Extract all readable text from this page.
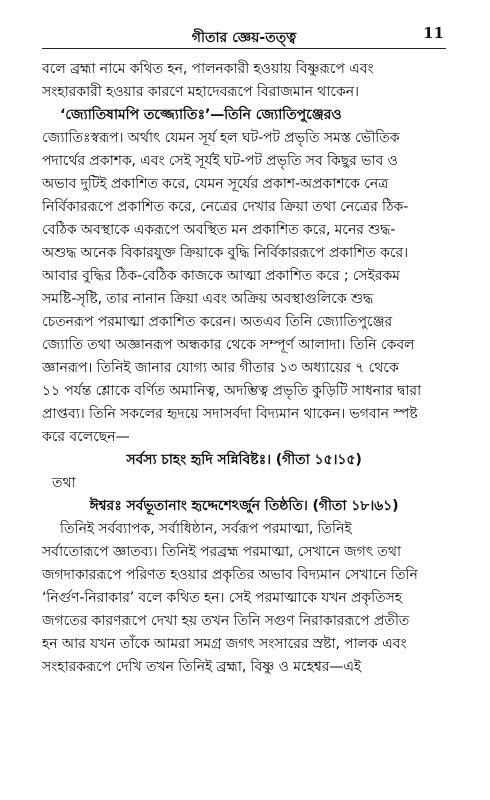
গীতার জ্ঞেয়-তত্ত্ব	11
বলে ব্রহ্মা নামে কথিত হন, পালনকারী হওয়ায় বিষ্ণুরূপে এবং
সংহারকারী হওয়ার কারণে মহাদেবরূপে বিরাজমান থাকেন।
‘জ্যোতিষামপি তজ্জ্যোতিঃ’—তিনি জ্যোতিপুঞ্জেরও
জ্যোতিঃস্বরূপ। অর্থাৎ যেমন সূর্য হল ঘট-পট প্রভৃতি সমস্ত ভৌতিক
পদার্থের প্রকাশক, এবং সেই সূর্যই ঘট-পট প্রভৃতি সব কিছুর ভাব ও
অভাব দুটিই প্রকাশিত করে, যেমন সূর্যের প্রকাশ-অপ্রকাশকে নেত্র
নির্বিকাররূপে প্রকাশিত করে, নেত্রের দেখার ক্রিয়া তথা নেত্রের ঠিক-
বেঠিক অবস্থাকে একরূপে অবস্থিত মন প্রকাশিত করে, মনের শুদ্ধ-
অশুদ্ধ অনেক বিকারযুক্ত ক্রিয়াকে বুদ্ধি নির্বিকাররূপে প্রকাশিত করে।
আবার বুদ্ধির ঠিক-বেঠিক কাজকে আত্মা প্রকাশিত করে ; সেইরকম
সমষ্টি-সৃষ্টি, তার নানান ক্রিয়া এবং অক্রিয় অবস্থাগুলিকে শুদ্ধ
চেতনরূপ পরমাত্মা প্রকাশিত করেন। অতএব তিনি জ্যোতিপুঞ্জের
জ্যোতি তথা অজ্ঞানরূপ অন্ধকার থেকে সম্পূর্ণ আলাদা। তিনি কেবল
জ্ঞানরূপ। তিনিই জানার যোগ্য আর গীতার ১৩ অধ্যায়ের ৭ থেকে
১১ পর্যন্ত শ্লোকে বর্ণিত অমানিত্ব, অদম্ভিত্ব প্রভৃতি কুড়িটি সাধনার দ্বারা
প্রাপ্তব্য। তিনি সকলের হৃদয়ে সদাসর্বদা বিদ্যমান থাকেন। ভগবান স্পষ্ট
করে বলেছেন—
সর্বস্য চাহং হৃদি সন্নিবিষ্টঃ। (গীতা ১৫।১৫)
তথা
ঈশ্বরঃ সর্বভূতানাং হৃদ্দেশেঽর্জুন তিষ্ঠতি। (গীতা ১৮।৬১)
তিনিই সর্বব্যাপক, সর্বাধিষ্ঠান, সর্বরূপ পরমাত্মা, তিনিই
সর্বাতোরূপে জ্ঞাতব্য। তিনিই পরব্রহ্ম পরমাত্মা, সেখানে জগৎ তথা
জগদাকাররূপে পরিণত হওয়ার প্রকৃতির অভাব বিদ্যমান সেখানে তিনি
‘নির্গুণ-নিরাকার’ বলে কথিত হন। সেই পরমাত্মাকে যখন প্রকৃতিসহ
জগতের কারণরূপে দেখা হয় তখন তিনি সগুণ নিরাকাররূপে প্রতীত
হন আর যখন তাঁকে আমরা সমগ্র জগৎ সংসারের স্রষ্টা, পালক এবং
সংহারকরূপে দেখি তখন তিনিই ব্রহ্মা, বিষ্ণু ও মহেশ্বর—এই
